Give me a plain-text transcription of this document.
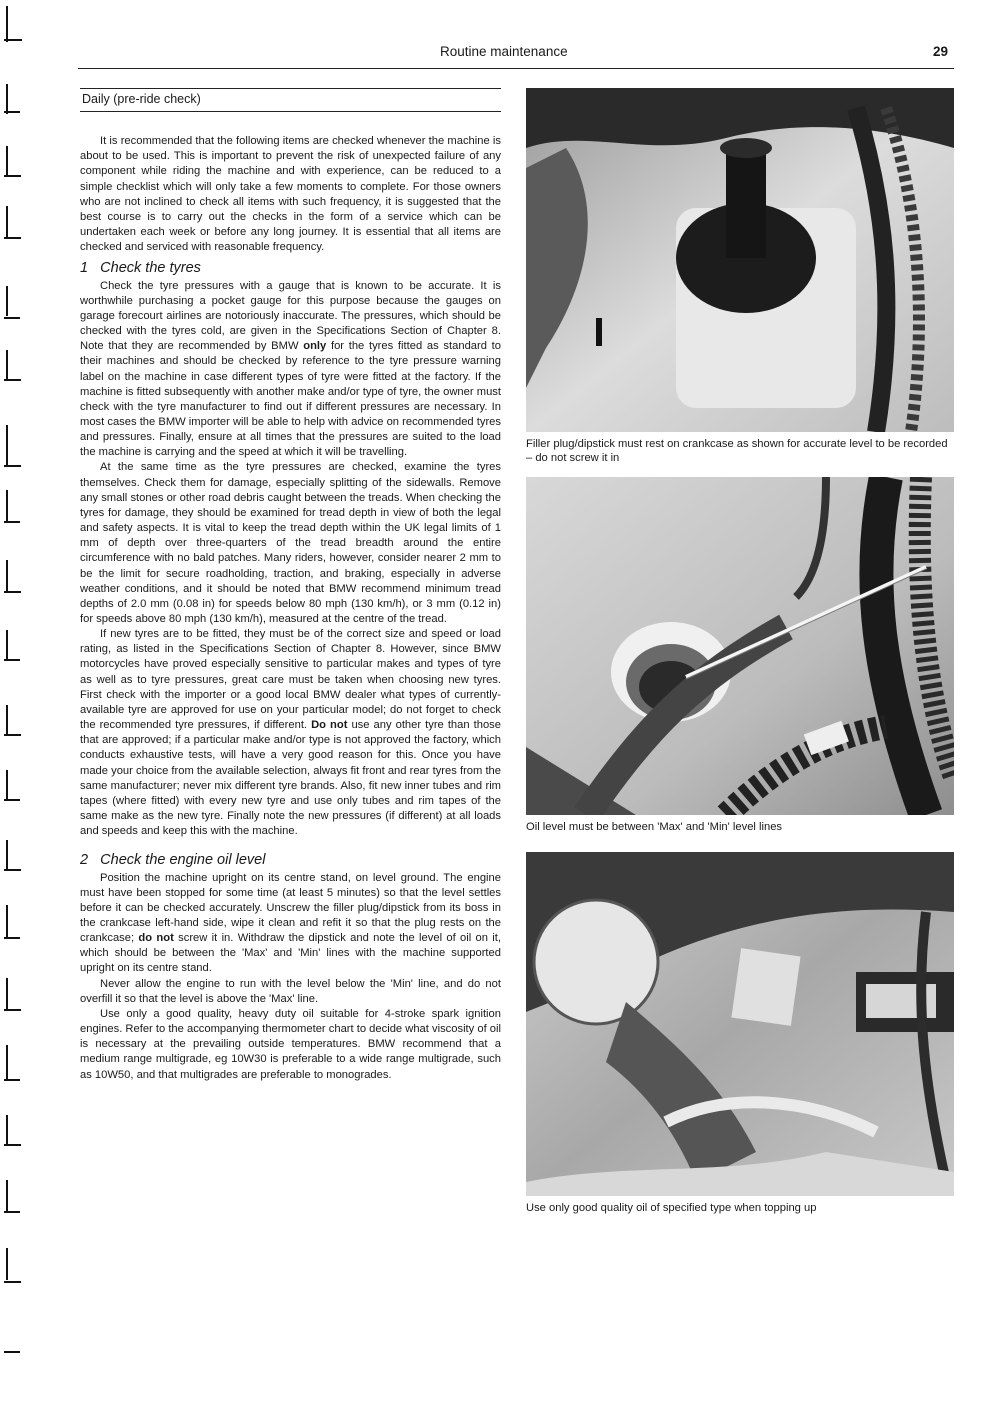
Routine maintenance	29
Daily (pre-ride check)

It is recommended that the following items are checked whenever the machine is about to be used. This is important to prevent the risk of unexpected failure of any component while riding the machine and with experience, can be reduced to a simple checklist which will only take a few moments to complete. For those owners who are not inclined to check all items with such frequency, it is suggested that the best course is to carry out the checks in the form of a service which can be undertaken each week or before any long journey. It is essential that all items are checked and serviced with reasonable frequency.

1 Check the tyres

Check the tyre pressures with a gauge that is known to be accurate. It is worthwhile purchasing a pocket gauge for this purpose because the gauges on garage forecourt airlines are notoriously inaccurate. The pressures, which should be checked with the tyres cold, are given in the Specifications Section of Chapter 8. Note that they are recommended by BMW only for the tyres fitted as standard to their machines and should be checked by reference to the tyre pressure warning label on the machine in case different types of tyre were fitted at the factory. If the machine is fitted subsequently with another make and/or type of tyre, the owner must check with the tyre manufacturer to find out if different pressures are necessary. In most cases the BMW importer will be able to help with advice on recommended tyres and pressures. Finally, ensure at all times that the pressures are suited to the load the machine is carrying and the speed at which it will be travelling.

At the same time as the tyre pressures are checked, examine the tyres themselves. Check them for damage, especially splitting of the sidewalls. Remove any small stones or other road debris caught between the treads. When checking the tyres for damage, they should be examined for tread depth in view of both the legal and safety aspects. It is vital to keep the tread depth within the UK legal limits of 1 mm of depth over three-quarters of the tread breadth around the entire circumference with no bald patches. Many riders, however, consider nearer 2 mm to be the limit for secure roadholding, traction, and braking, especially in adverse weather conditions, and it should be noted that BMW recommend minimum tread depths of 2.0 mm (0.08 in) for speeds below 80 mph (130 km/h), or 3 mm (0.12 in) for speeds above 80 mph (130 km/h), measured at the centre of the tread.

If new tyres are to be fitted, they must be of the correct size and speed or load rating, as listed in the Specifications Section of Chapter 8. However, since BMW motorcycles have proved especially sensitive to particular makes and types of tyre as well as to tyre pressures, great care must be taken when choosing new tyres. First check with the importer or a good local BMW dealer what types of currently-available tyre are approved for use on your particular model; do not forget to check the recommended tyre pressures, if different. Do not use any other tyre than those that are approved; if a particular make and/or type is not approved the factory, which conducts exhaustive tests, will have a very good reason for this. Once you have made your choice from the available selection, always fit front and rear tyres from the same manufacturer; never mix different tyre brands. Also, fit new inner tubes and rim tapes (where fitted) with every new tyre and use only tubes and rim tapes of the same make as the new tyre. Finally note the new pressures (if different) at all loads and speeds and keep this with the machine.

2 Check the engine oil level

Position the machine upright on its centre stand, on level ground. The engine must have been stopped for some time (at least 5 minutes) so that the level settles before it can be checked accurately. Unscrew the filler plug/dipstick from its boss in the crankcase left-hand side, wipe it clean and refit it so that the plug rests on the crankcase; do not screw it in. Withdraw the dipstick and note the level of oil on it, which should be between the 'Max' and 'Min' lines with the machine supported upright on its centre stand.

Never allow the engine to run with the level below the 'Min' line, and do not overfill it so that the level is above the 'Max' line.

Use only a good quality, heavy duty oil suitable for 4-stroke spark ignition engines. Refer to the accompanying thermometer chart to decide what viscosity of oil is necessary at the prevailing outside temperatures. BMW recommend that a medium range multigrade, eg 10W30 is preferable to a wide range multigrade, such as 10W50, and that multigrades are preferable to monogrades.

Filler plug/dipstick must rest on crankcase as shown for accurate level to be recorded – do not screw it in
Oil level must be between 'Max' and 'Min' level lines
Use only good quality oil of specified type when topping up
